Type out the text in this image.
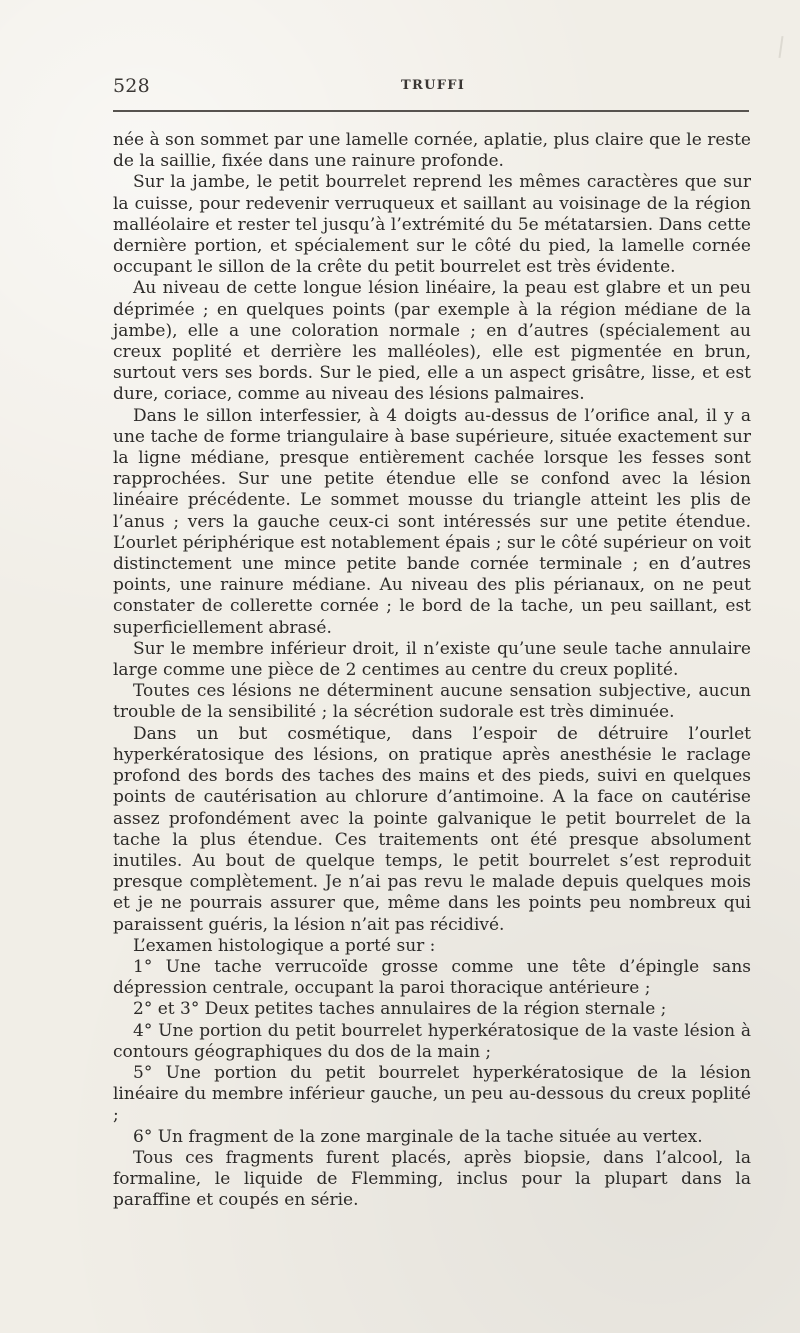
528	TRUFFI

née à son sommet par une lamelle cornée, aplatie, plus claire que le reste de la saillie, fixée dans une rainure profonde.

Sur la jambe, le petit bourrelet reprend les mêmes caractères que sur la cuisse, pour redevenir verruqueux et saillant au voisinage de la région malléolaire et rester tel jusqu’à l’extrémité du 5e métatarsien. Dans cette dernière portion, et spécialement sur le côté du pied, la lamelle cornée occupant le sillon de la crête du petit bourrelet est très évidente.

Au niveau de cette longue lésion linéaire, la peau est glabre et un peu déprimée ; en quelques points (par exemple à la région médiane de la jambe), elle a une coloration normale ; en d’autres (spécialement au creux poplité et derrière les malléoles), elle est pigmentée en brun, surtout vers ses bords. Sur le pied, elle a un aspect grisâtre, lisse, et est dure, coriace, comme au niveau des lésions palmaires.

Dans le sillon interfessier, à 4 doigts au-dessus de l’orifice anal, il y a une tache de forme triangulaire à base supérieure, située exactement sur la ligne médiane, presque entièrement cachée lorsque les fesses sont rapprochées. Sur une petite étendue elle se confond avec la lésion linéaire précédente. Le sommet mousse du triangle atteint les plis de l’anus ; vers la gauche ceux-ci sont intéressés sur une petite étendue. L’ourlet périphérique est notablement épais ; sur le côté supérieur on voit distinctement une mince petite bande cornée terminale ; en d’autres points, une rainure médiane. Au niveau des plis périanaux, on ne peut constater de collerette cornée ; le bord de la tache, un peu saillant, est superficiellement abrasé.

Sur le membre inférieur droit, il n’existe qu’une seule tache annulaire large comme une pièce de 2 centimes au centre du creux poplité.

Toutes ces lésions ne déterminent aucune sensation subjective, aucun trouble de la sensibilité ; la sécrétion sudorale est très diminuée.

Dans un but cosmétique, dans l’espoir de détruire l’ourlet hyperkératosique des lésions, on pratique après anesthésie le raclage profond des bords des taches des mains et des pieds, suivi en quelques points de cautérisation au chlorure d’antimoine. A la face on cautérise assez profondément avec la pointe galvanique le petit bourrelet de la tache la plus étendue. Ces traitements ont été presque absolument inutiles. Au bout de quelque temps, le petit bourrelet s’est reproduit presque complètement. Je n’ai pas revu le malade depuis quelques mois et je ne pourrais assurer que, même dans les points peu nombreux qui paraissent guéris, la lésion n’ait pas récidivé.

L’examen histologique a porté sur :

1° Une tache verrucoïde grosse comme une tête d’épingle sans dépression centrale, occupant la paroi thoracique antérieure ;

2° et 3° Deux petites taches annulaires de la région sternale ;

4° Une portion du petit bourrelet hyperkératosique de la vaste lésion à contours géographiques du dos de la main ;

5° Une portion du petit bourrelet hyperkératosique de la lésion linéaire du membre inférieur gauche, un peu au-dessous du creux poplité ;

6° Un fragment de la zone marginale de la tache située au vertex.

Tous ces fragments furent placés, après biopsie, dans l’alcool, la formaline, le liquide de Flemming, inclus pour la plupart dans la paraffine et coupés en série.
